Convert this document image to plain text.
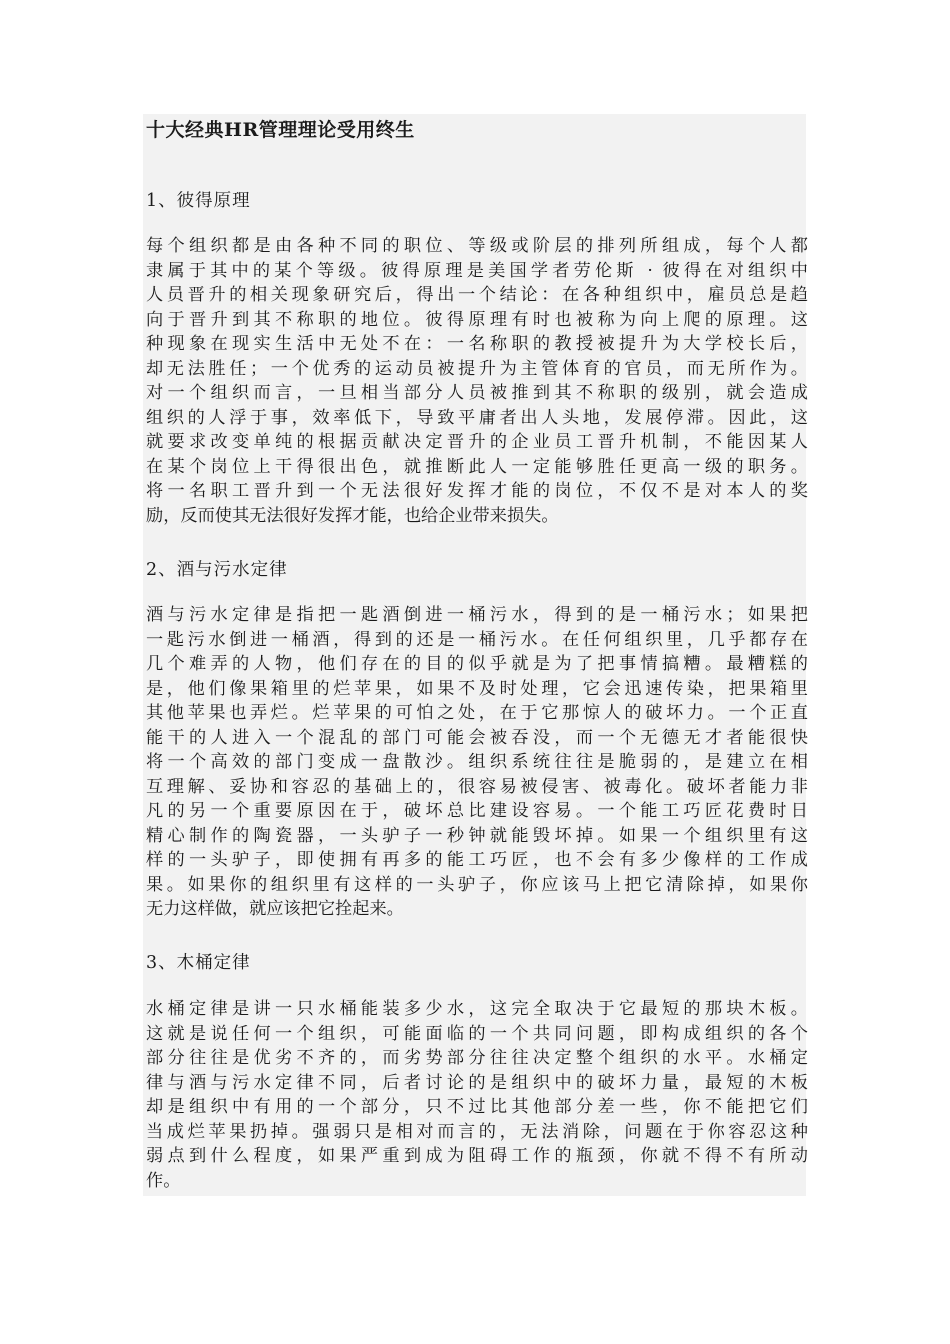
十大经典HR管理理论受用终生
1、彼得原理
每个组织都是由各种不同的职位、等级或阶层的排列所组成，每个人都
隶属于其中的某个等级。彼得原理是美国学者劳伦斯 · 彼得在对组织中
人员晋升的相关现象研究后，得出一个结论：在各种组织中，雇员总是趋
向于晋升到其不称职的地位。彼得原理有时也被称为向上爬的原理。这
种现象在现实生活中无处不在：一名称职的教授被提升为大学校长后，
却无法胜任；一个优秀的运动员被提升为主管体育的官员，而无所作为。
对一个组织而言，一旦相当部分人员被推到其不称职的级别，就会造成
组织的人浮于事，效率低下，导致平庸者出人头地，发展停滞。因此，这
就要求改变单纯的根据贡献决定晋升的企业员工晋升机制，不能因某人
在某个岗位上干得很出色，就推断此人一定能够胜任更高一级的职务。
将一名职工晋升到一个无法很好发挥才能的岗位，不仅不是对本人的奖
励，反而使其无法很好发挥才能，也给企业带来损失。
2、酒与污水定律
酒与污水定律是指把一匙酒倒进一桶污水，得到的是一桶污水；如果把
一匙污水倒进一桶酒，得到的还是一桶污水。在任何组织里，几乎都存在
几个难弄的人物，他们存在的目的似乎就是为了把事情搞糟。最糟糕的
是，他们像果箱里的烂苹果，如果不及时处理，它会迅速传染，把果箱里
其他苹果也弄烂。烂苹果的可怕之处，在于它那惊人的破坏力。一个正直
能干的人进入一个混乱的部门可能会被吞没，而一个无德无才者能很快
将一个高效的部门变成一盘散沙。组织系统往往是脆弱的，是建立在相
互理解、妥协和容忍的基础上的，很容易被侵害、被毒化。破坏者能力非
凡的另一个重要原因在于，破坏总比建设容易。一个能工巧匠花费时日
精心制作的陶瓷器，一头驴子一秒钟就能毁坏掉。如果一个组织里有这
样的一头驴子，即使拥有再多的能工巧匠，也不会有多少像样的工作成
果。如果你的组织里有这样的一头驴子，你应该马上把它清除掉，如果你
无力这样做，就应该把它拴起来。
3、木桶定律
水桶定律是讲一只水桶能装多少水，这完全取决于它最短的那块木板。
这就是说任何一个组织，可能面临的一个共同问题，即构成组织的各个
部分往往是优劣不齐的，而劣势部分往往决定整个组织的水平。水桶定
律与酒与污水定律不同，后者讨论的是组织中的破坏力量，最短的木板
却是组织中有用的一个部分，只不过比其他部分差一些，你不能把它们
当成烂苹果扔掉。强弱只是相对而言的，无法消除，问题在于你容忍这种
弱点到什么程度，如果严重到成为阻碍工作的瓶颈，你就不得不有所动
作。
